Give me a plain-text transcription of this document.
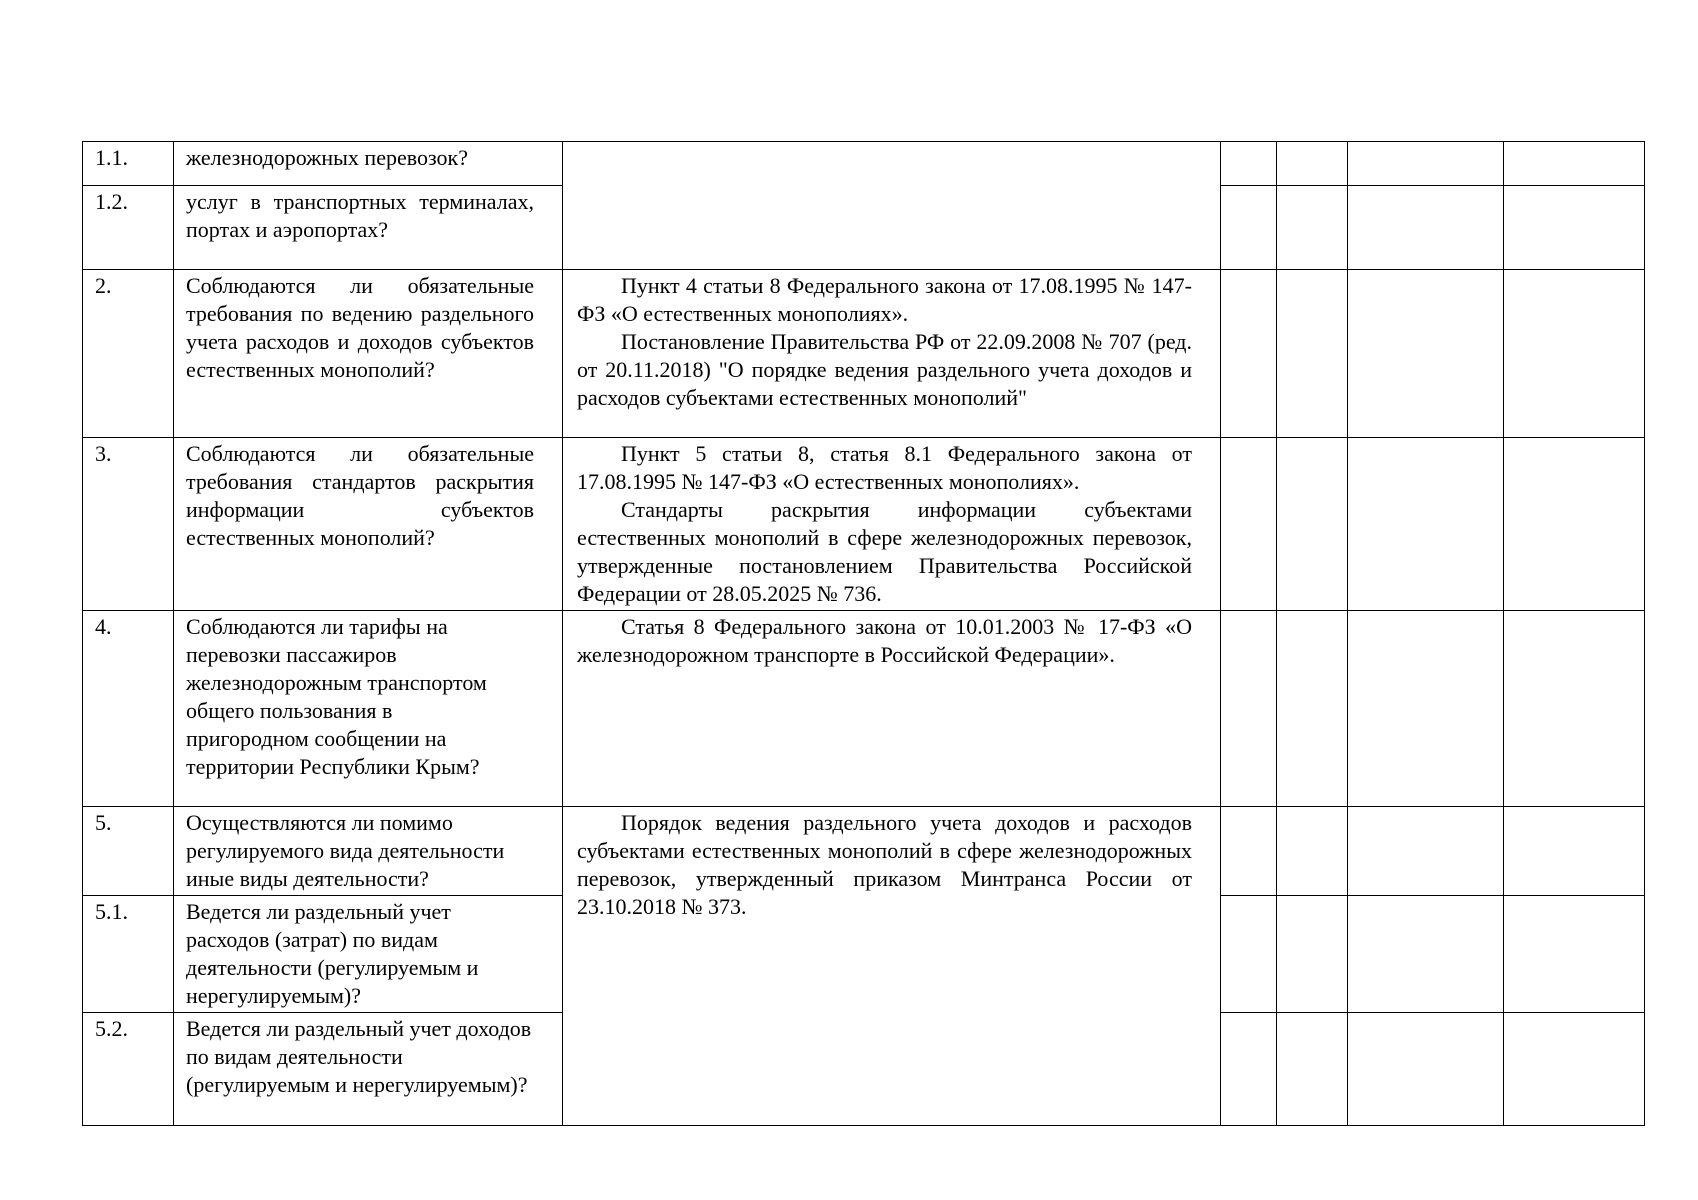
1.1.	железнодорожных перевозок?					
1.2.	услуг в транспортных терминалах, портах и аэропортах?					
2.	Соблюдаются ли обязательные требования по ведению раздельного учета расходов и доходов субъектов естественных монополий?	Пункт 4 статьи 8 Федерального закона от 17.08.1995 № 147-ФЗ «О естественных монополиях».

Постановление Правительства РФ от 22.09.2008 № 707 (ред. от 20.11.2018) "О порядке ведения раздельного учета доходов и расходов субъектами естественных монополий"				

3.	Соблюдаются ли обязательные требования стандартов раскрытия информации субъектов естественных монополий?	Пункт 5 статьи 8, статья 8.1 Федерального закона от 17.08.1995 № 147-ФЗ «О естественных монополиях».

Стандарты раскрытия информации субъектами естественных монополий в сфере железнодорожных перевозок, утвержденные постановлением Правительства Российской Федерации от 28.05.2025 № 736.				

4.	Соблюдаются ли тарифы на перевозки пассажиров железнодорожным транспортом общего пользования в пригородном сообщении на территории Республики Крым?	Статья 8 Федерального закона от 10.01.2003 № 17-ФЗ «О железнодорожном транспорте в Российской Федерации».				

5.	Осуществляются ли помимо регулируемого вида деятельности иные виды деятельности?	Порядок ведения раздельного учета доходов и расходов субъектами естественных монополий в сфере железнодорожных перевозок, утвержденный приказом Минтранса России от 23.10.2018 № 373.				

5.1.	Ведется ли раздельный учет расходов (затрат) по видам деятельности (регулируемым и нерегулируемым)?					
5.2.	Ведется ли раздельный учет доходов по видам деятельности (регулируемым и нерегулируемым)?					
